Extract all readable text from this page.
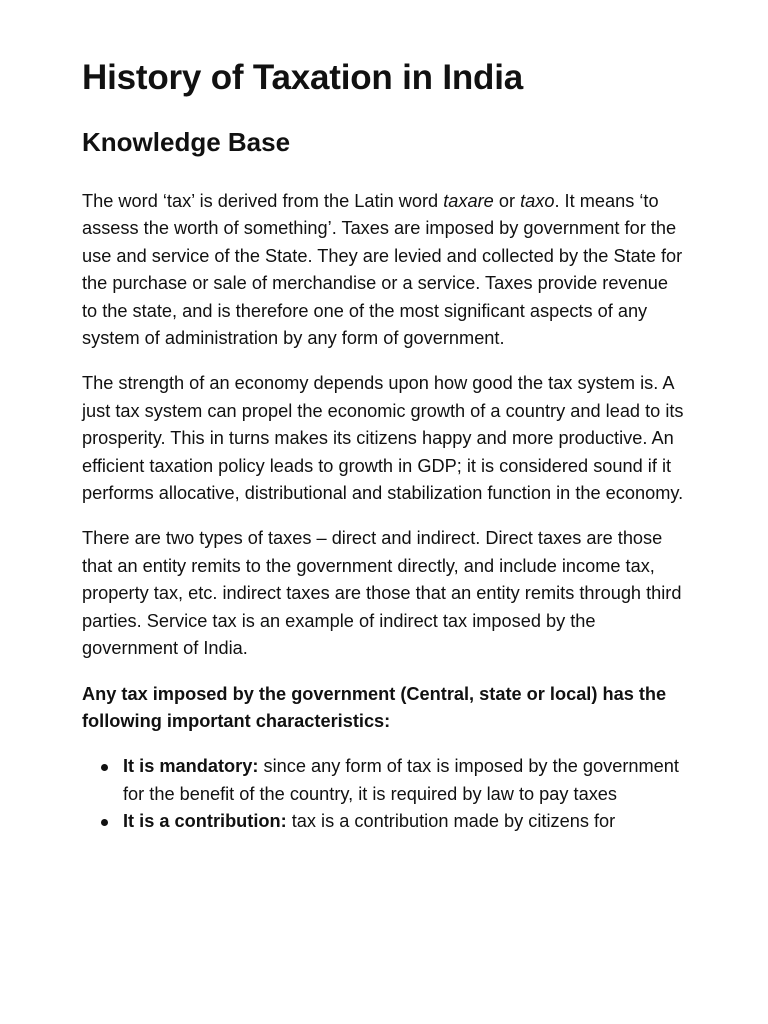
History of Taxation in India
Knowledge Base

The word ‘tax’ is derived from the Latin word taxare or taxo. It means ‘to assess the worth of something’. Taxes are imposed by government for the use and service of the State. They are levied and collected by the State for the purchase or sale of merchandise or a service. Taxes provide revenue to the state, and is therefore one of the most significant aspects of any system of administration by any form of government.

The strength of an economy depends upon how good the tax system is. A just tax system can propel the economic growth of a country and lead to its prosperity. This in turns makes its citizens happy and more productive. An efficient taxation policy leads to growth in GDP; it is considered sound if it performs allocative, distributional and stabilization function in the economy.

There are two types of taxes – direct and indirect. Direct taxes are those that an entity remits to the government directly, and include income tax, property tax, etc. indirect taxes are those that an entity remits through third parties. Service tax is an example of indirect tax imposed by the government of India.

Any tax imposed by the government (Central, state or local) has the following important characteristics:

It is mandatory: since any form of tax is imposed by the government for the benefit of the country, it is required by law to pay taxes
It is a contribution: tax is a contribution made by citizens for
